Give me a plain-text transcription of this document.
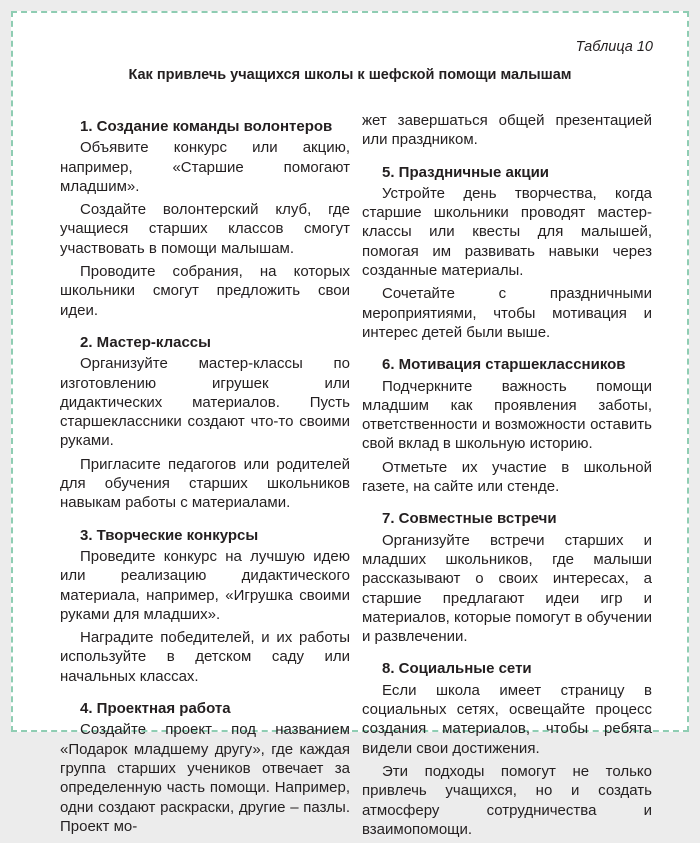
Таблица 10
Как привлечь учащихся школы к шефской помощи малышам
1. Создание команды волонтеров

Объявите конкурс или акцию, например, «Старшие помогают младшим».

Создайте волонтерский клуб, где учащиеся старших классов смогут участвовать в помощи малышам.

Проводите собрания, на которых школьники смогут предложить свои идеи.

2. Мастер-классы

Организуйте мастер-классы по изготовлению игрушек или дидактических материалов. Пусть старшеклассники создают что-то своими руками.

Пригласите педагогов или родителей для обучения старших школьников навыкам работы с материалами.

3. Творческие конкурсы

Проведите конкурс на лучшую идею или реализацию дидактического материала, например, «Игрушка своими руками для младших».

Наградите победителей, и их работы используйте в детском саду или начальных классах.

4. Проектная работа

Создайте проект под названием «Подарок младшему другу», где каждая группа старших учеников отвечает за определенную часть помощи. Например, одни создают раскраски, другие – пазлы. Проект мо-

жет завершаться общей презентацией или праздником.

5. Праздничные акции

Устройте день творчества, когда старшие школьники проводят мастер-классы или квесты для малышей, помогая им развивать навыки через созданные материалы.

Сочетайте с праздничными мероприятиями, чтобы мотивация и интерес детей были выше.

6. Мотивация старшеклассников

Подчеркните важность помощи младшим как проявления заботы, ответственности и возможности оставить свой вклад в школьную историю.

Отметьте их участие в школьной газете, на сайте или стенде.

7. Совместные встречи

Организуйте встречи старших и младших школьников, где малыши рассказывают о своих интересах, а старшие предлагают идеи игр и материалов, которые помогут в обучении и развлечении.

8. Социальные сети

Если школа имеет страницу в социальных сетях, освещайте процесс создания материалов, чтобы ребята видели свои достижения.

Эти подходы помогут не только привлечь учащихся, но и создать атмосферу сотрудничества и взаимопомощи.
